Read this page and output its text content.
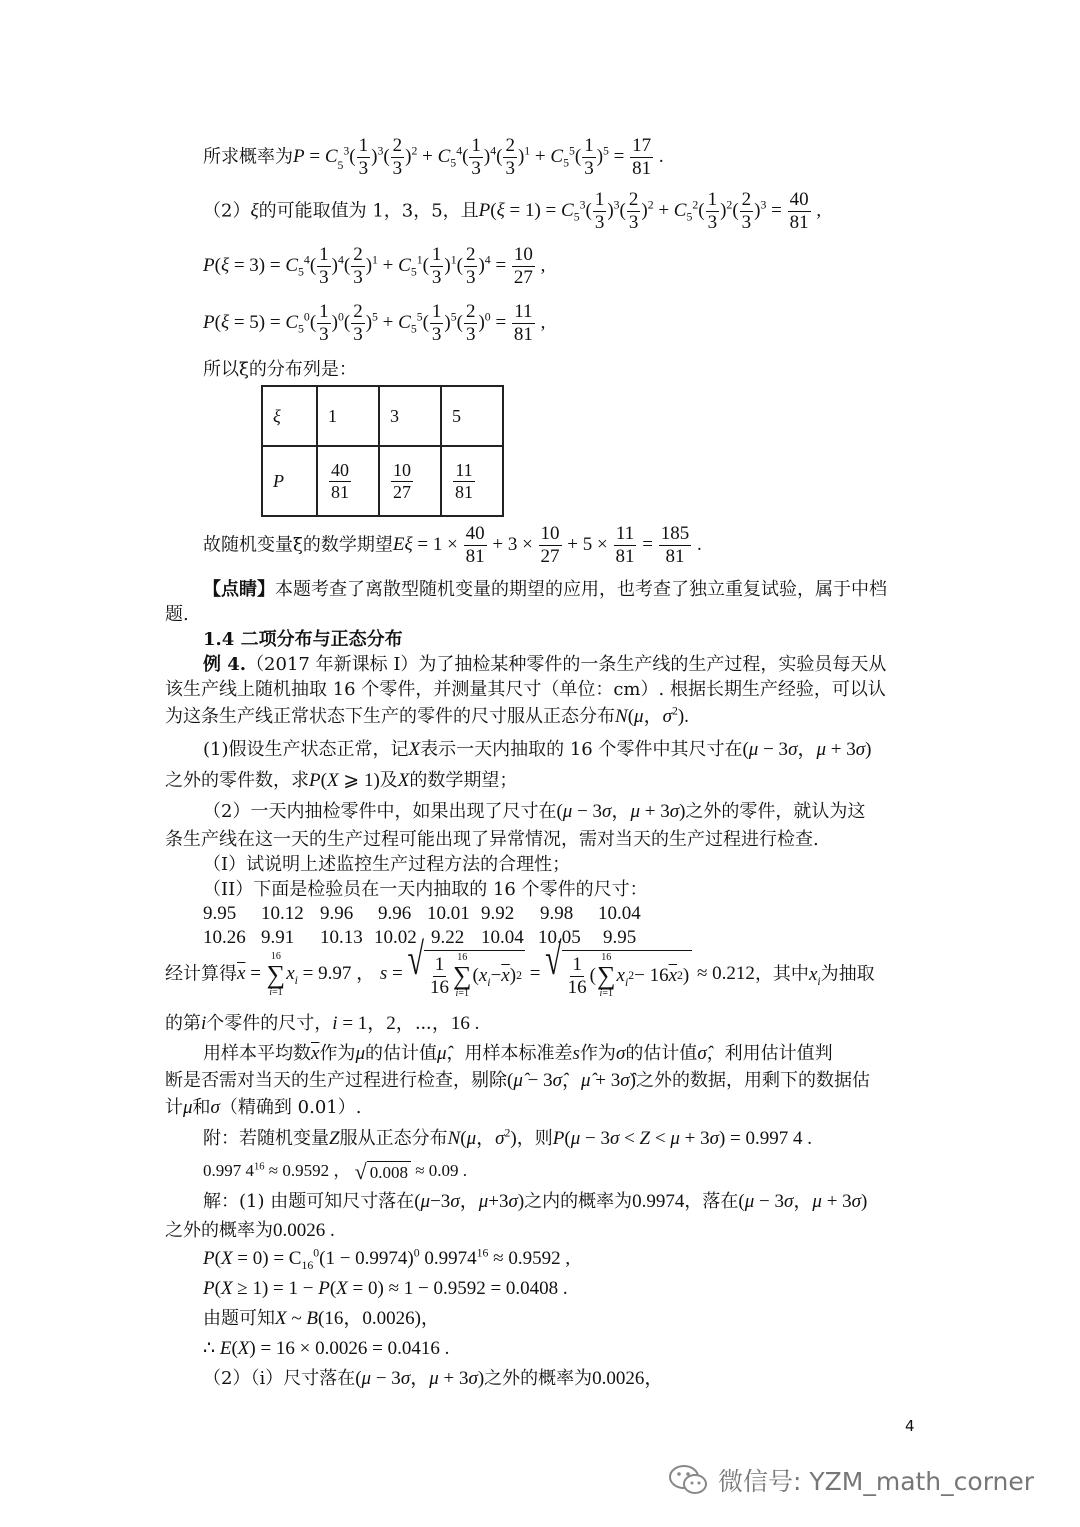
所求概率为$P = C_5^3( \frac{1}{3} )^3( \frac{2}{3} )^2 + C_5^4( \frac{1}{3} )^4( \frac{2}{3} )^1 + C_5^5( \frac{1}{3} )^5 = \frac{17}{81}$ .
（2）ξ的可能取值为 1，3，5，且$P(\xi = 1) = C_5^3( \frac{1}{3} )^3( \frac{2}{3} )^2 + C_5^2( \frac{1}{3} )^2( \frac{2}{3} )^3 = \frac{40}{81}$ ,
$P(\xi = 3) = C_5^4( \frac{1}{3} )^4( \frac{2}{3} )^1 + C_5^1( \frac{1}{3} )^1( \frac{2}{3} )^4 = \frac{10}{27}$ ,
$P(\xi = 5) = C_5^0( \frac{1}{3} )^0( \frac{2}{3} )^5 + C_5^5( \frac{1}{3} )^5( \frac{2}{3} )^0 = \frac{11}{81}$ ,
所以ξ的分布列是：
ξ	1	3	5
P	$\frac{40}{81}$	$\frac{10}{27}$	$\frac{11}{81}$
故随机变量ξ的数学期望$E\xi = 1 \times \frac{40}{81} + 3 \times \frac{10}{27} + 5 \times \frac{11}{81} = \frac{185}{81}$ .
【点睛】本题考查了离散型随机变量的期望的应用，也考查了独立重复试验，属于中档
题.
1.4 二项分布与正态分布
例 4.（2017 年新课标 I）为了抽检某种零件的一条生产线的生产过程，实验员每天从
该生产线上随机抽取 16 个零件，并测量其尺寸（单位：cm）. 根据长期生产经验，可以认
为这条生产线正常状态下生产的零件的尺寸服从正态分布N(μ，$\sigma^2$).
(1)假设生产状态正常，记X表示一天内抽取的 16 个零件中其尺寸在(μ − 3σ，μ + 3σ)
之外的零件数，求P(X ⩾ 1)及X的数学期望；
（2）一天内抽检零件中，如果出现了尺寸在(μ − 3σ，μ + 3σ)之外的零件，就认为这
条生产线在这一天的生产过程可能出现了异常情况，需对当天的生产过程进行检查.
（I）试说明上述监控生产过程方法的合理性；
（II）下面是检验员在一天内抽取的 16 个零件的尺寸：
9.95 10.12 9.96 9.96 10.01 9.92 9.98 10.04
10.26 9.91 10.13 10.02 9.22 10.04 10.05 9.95
经计算得$\overline{x}$ =
16
∑
i=1
$x_i = 9.97$ ， s = √ $\frac{1}{16} 16$
∑
i=1
( $x_i - \overline{x}$ ) 2 = √ $\frac{1}{16}$ (
16
∑
i=1
$x_i$ 2 − 16 $\overline{x}$ 2 ) ≈ 0.212，其中$x_i$为抽取
的第i个零件的尺寸，i = 1，2，⋯，16 .
用样本平均数$\overline{x}$作为μ的估计值μ̂，用样本标准差s作为σ的估计值σ̂，利用估计值判
断是否需对当天的生产过程进行检查，剔除(μ̂ − 3σ̂，μ̂ + 3σ̂)之外的数据，用剩下的数据估
计μ和σ（精确到 0.01）.
附：若随机变量Z服从正态分布N(μ，$\sigma^2$)，则P(μ − 3σ < Z < μ + 3σ) = 0.997 4 .
0.997 $4^{16} \approx 0.9592$ ， √ 0.008 ≈ 0.09 .
解：(1) 由题可知尺寸落在(μ−3σ，μ+3σ)之内的概率为0.9974，落在(μ − 3σ，μ + 3σ)
之外的概率为0.0026 .
$P(X = 0) = C_{16}^0(1 - 0.9974)^0$ $0.9974^{16} \approx 0.9592$ ,
P(X ≥ 1) = 1 − P(X = 0) ≈ 1 − 0.9592 = 0.0408 .
由题可知X ~ B(16，0.0026)，
∴ E(X) = 16 × 0.0026 = 0.0416 .
（2）（i）尺寸落在(μ − 3σ，μ + 3σ)之外的概率为0.0026，
4
微信号: YZM_math_corner
